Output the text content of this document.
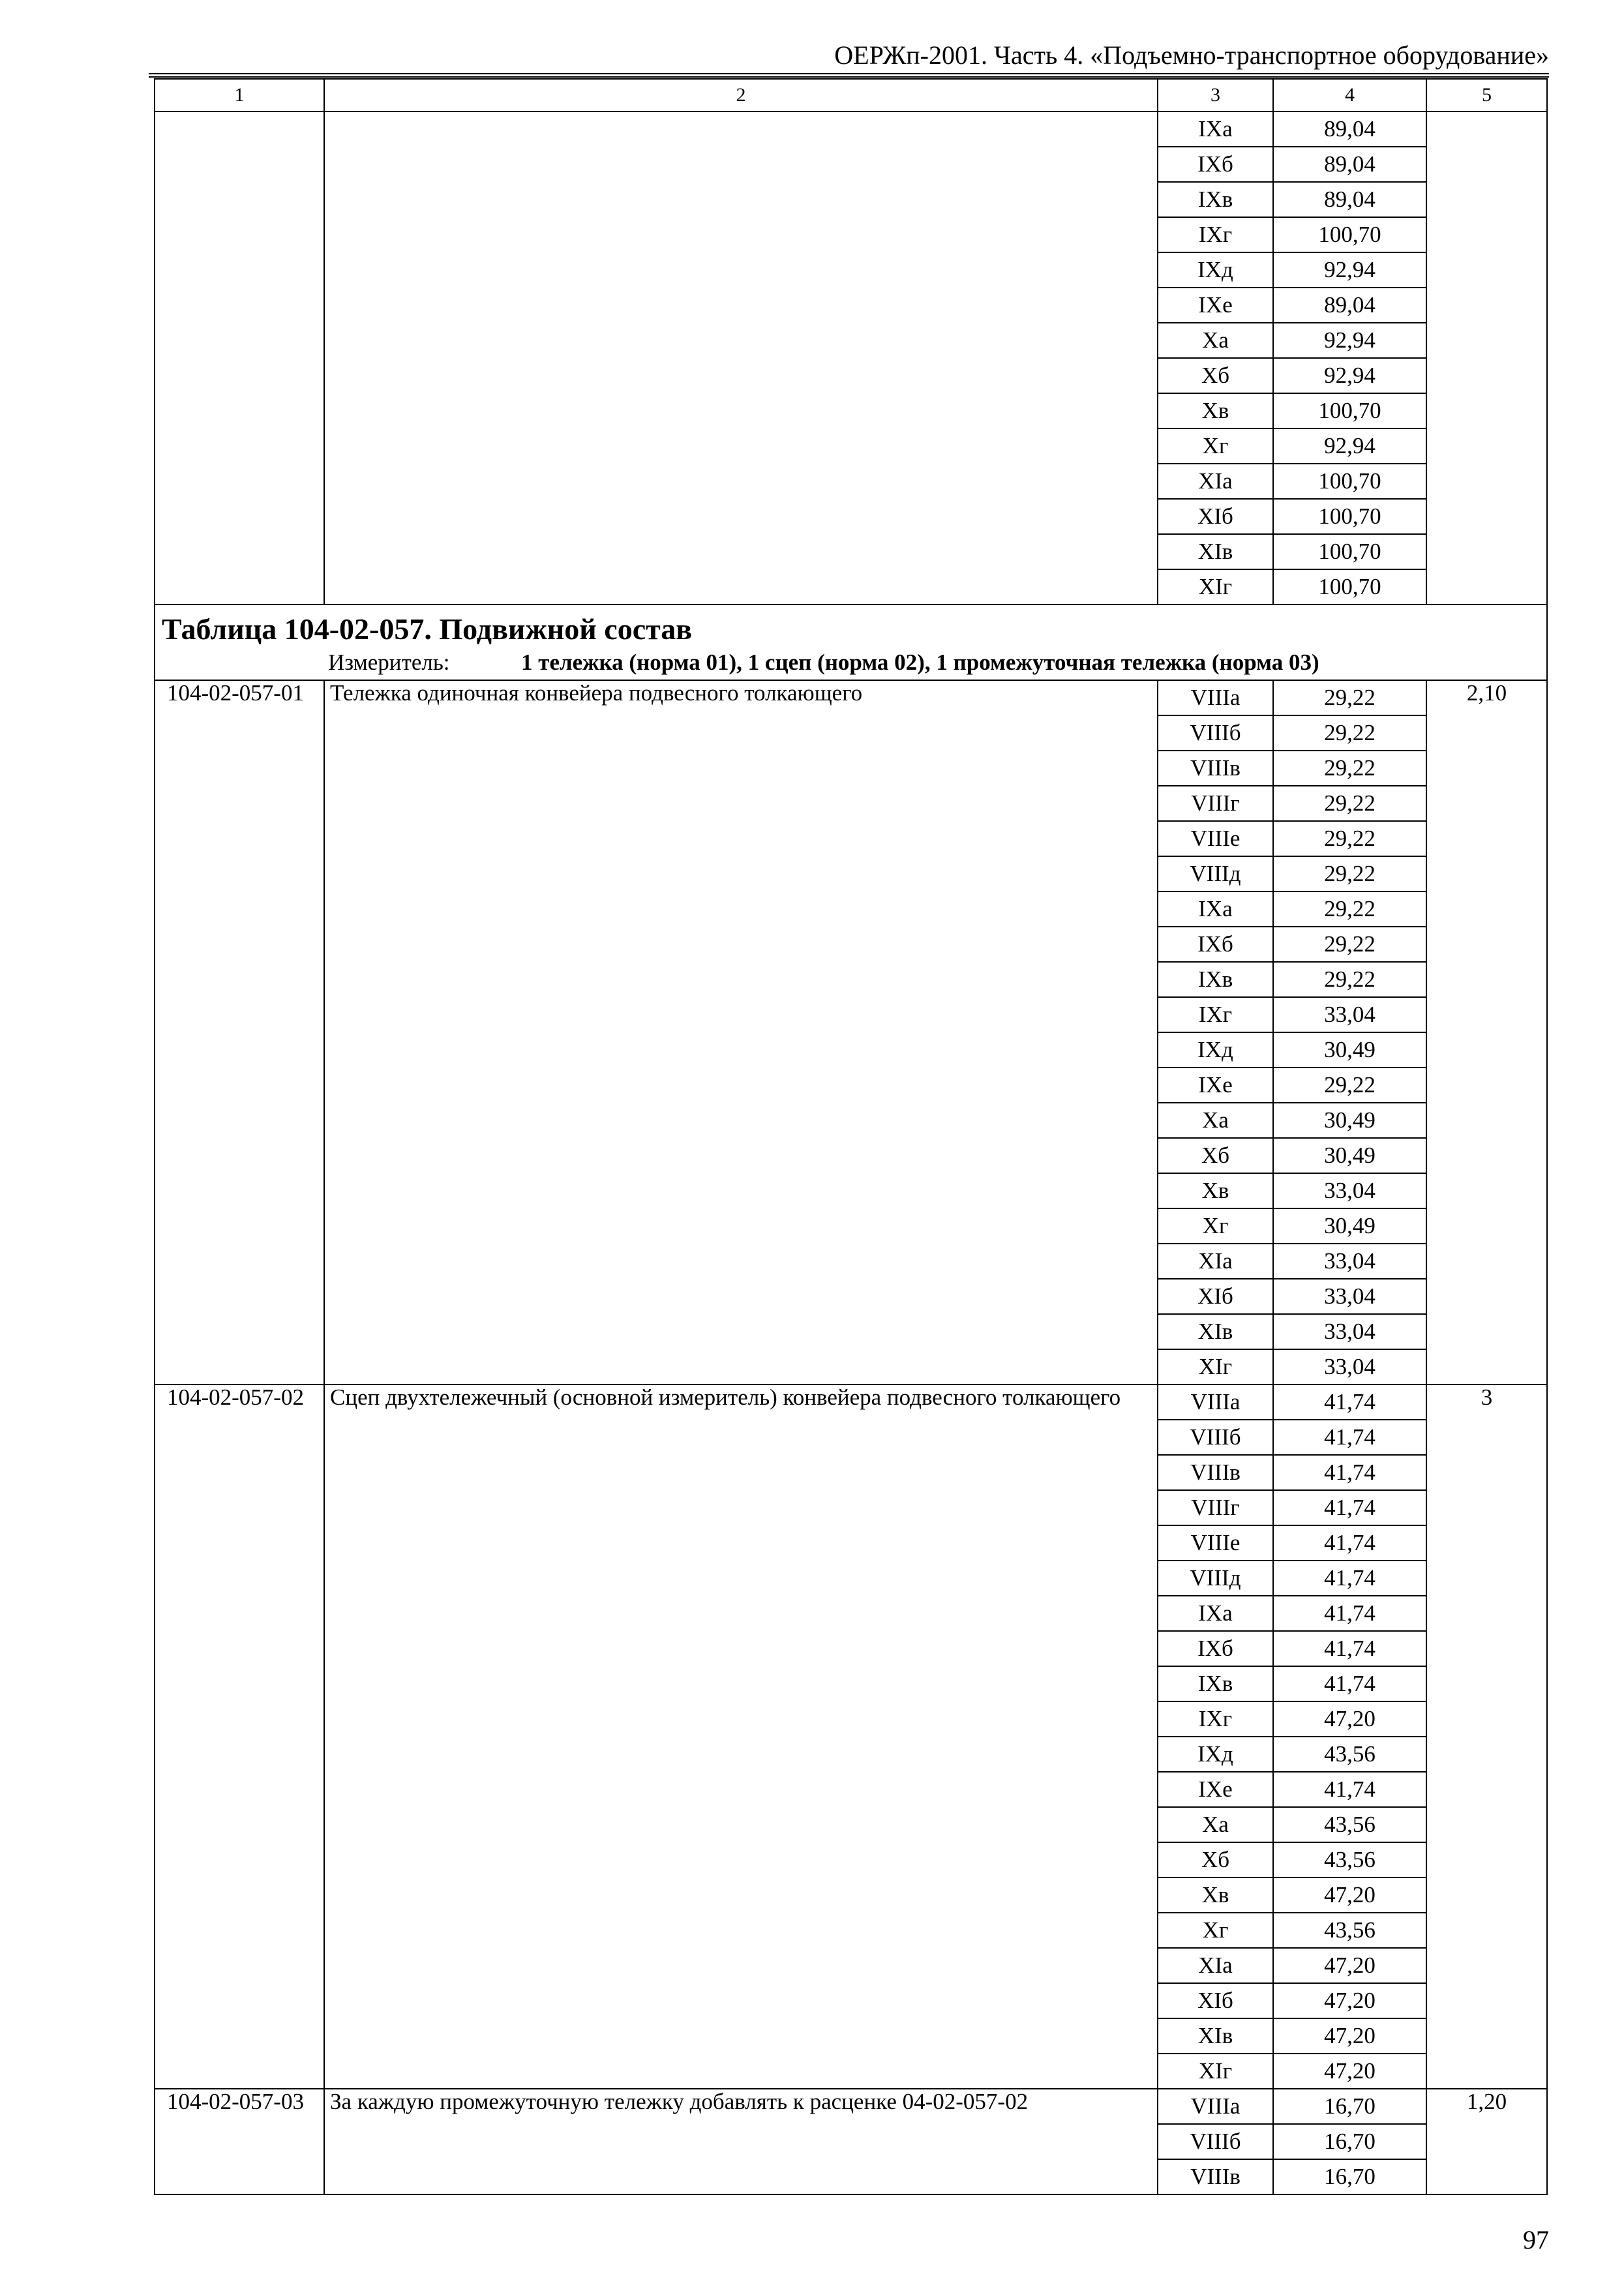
ОЕРЖп-2001. Часть 4. «Подъемно-транспортное оборудование»
1	2	3	4	5
		IXа	89,04	
		IXб	89,04	
		IXв	89,04	
		IXг	100,70	
		IXд	92,94	
		IXе	89,04	
		Xа	92,94	
		Xб	92,94	
		Xв	100,70	
		Xг	92,94	
		XIа	100,70	
		XIб	100,70	
		XIв	100,70	
		XIг	100,70	

Таблица 104-02-057. Подвижной состав
Измеритель: 1 тележка (норма 01), 1 сцеп (норма 02), 1 промежуточная тележка (норма 03)				

104-02-057-01	Тележка одиночная конвейера подвесного толкающего	VIIIа	29,22	2,10
		VIIIб	29,22	
		VIIIв	29,22	
		VIIIг	29,22	
		VIIIе	29,22	
		VIIIд	29,22	
		IXа	29,22	
		IXб	29,22	
		IXв	29,22	
		IXг	33,04	
		IXд	30,49	
		IXе	29,22	
		Xа	30,49	
		Xб	30,49	
		Xв	33,04	
		Xг	30,49	
		XIа	33,04	
		XIб	33,04	
		XIв	33,04	
		XIг	33,04	
104-02-057-02	Сцеп двухтележечный (основной измеритель) конвейера подвесного толкающего	VIIIа	41,74	3
		VIIIб	41,74	
		VIIIв	41,74	
		VIIIг	41,74	
		VIIIе	41,74	
		VIIIд	41,74	
		IXа	41,74	
		IXб	41,74	
		IXв	41,74	
		IXг	47,20	
		IXд	43,56	
		IXе	41,74	
		Xа	43,56	
		Xб	43,56	
		Xв	47,20	
		Xг	43,56	
		XIа	47,20	
		XIб	47,20	
		XIв	47,20	
		XIг	47,20	
104-02-057-03	За каждую промежуточную тележку добавлять к расценке 04-02-057-02	VIIIа	16,70	1,20
		VIIIб	16,70	
		VIIIв	16,70	
97
